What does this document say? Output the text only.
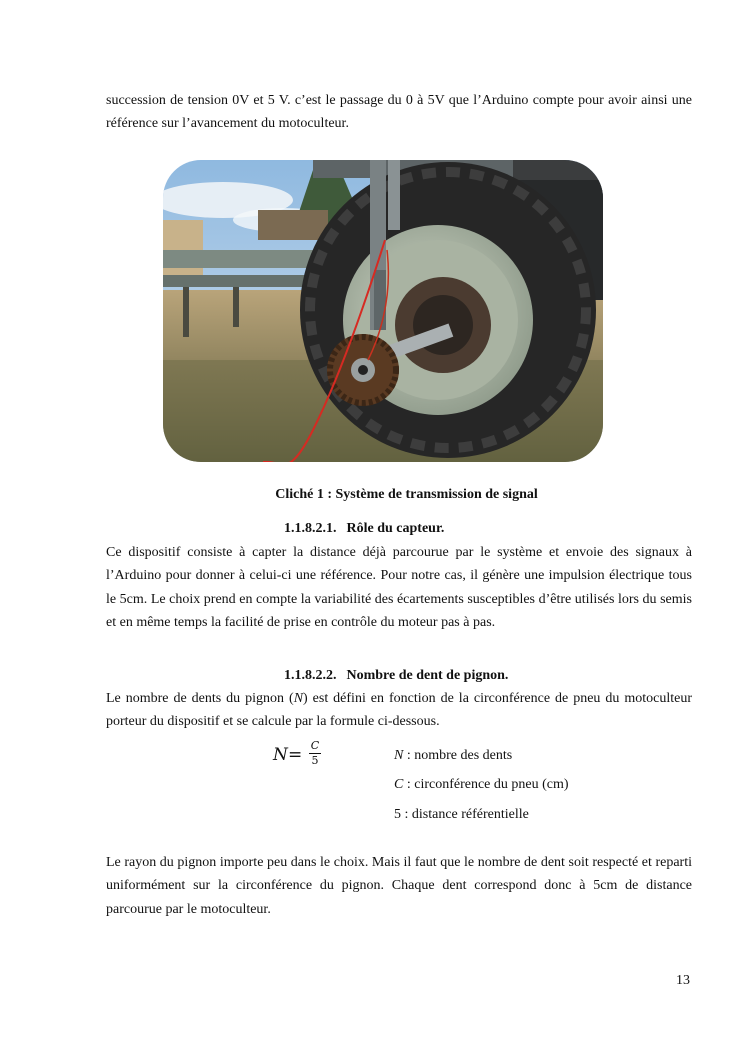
succession de tension 0V et 5 V. c’est le passage du 0 à 5V que l’Arduino compte pour avoir ainsi une référence sur l’avancement du motoculteur.

Cliché 1 : Système de transmission de signal

1.1.8.2.1. Rôle du capteur.

Ce dispositif consiste à capter la distance déjà parcourue par le système et envoie des signaux à l’Arduino pour donner à celui-ci une référence. Pour notre cas, il génère une impulsion électrique tous le 5cm. Le choix prend en compte la variabilité des écartements susceptibles d’être utilisés lors du semis et en même temps la facilité de prise en contrôle du moteur pas à pas.

1.1.8.2.2. Nombre de dent de pignon.

Le nombre de dents du pignon (N) est défini en fonction de la circonférence de pneu du motoculteur porteur du dispositif et se calcule par la formule ci-dessous.

N = C
5	N : nombre des dents
C : circonférence du pneu (cm)
5 : distance référentielle

Le rayon du pignon importe peu dans le choix. Mais il faut que le nombre de dent soit respecté et reparti uniformément sur la circonférence du pignon. Chaque dent correspond donc à 5cm de distance parcourue par le motoculteur.

13
